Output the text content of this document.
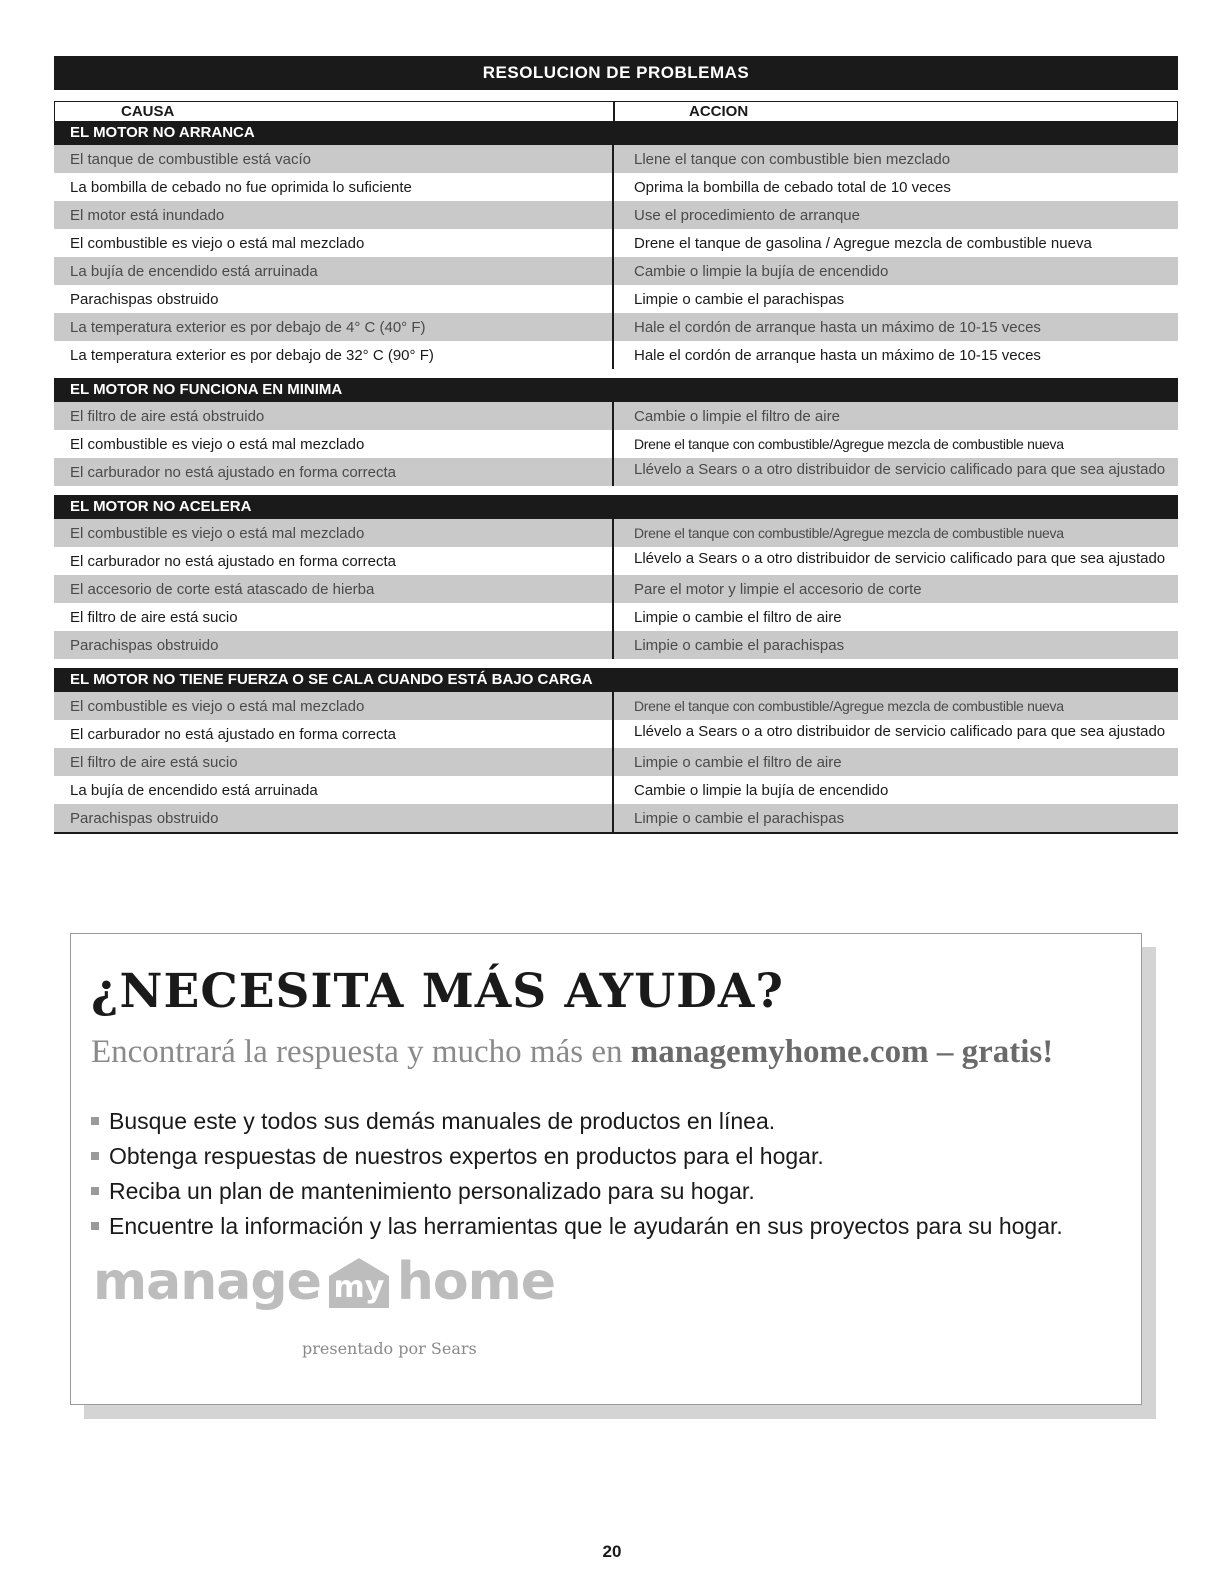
RESOLUCION DE PROBLEMAS
CAUSA	ACCION
EL MOTOR NO ARRANCA
El tanque de combustible está vacío	Llene el tanque con combustible bien mezclado
La bombilla de cebado no fue oprimida lo suficiente	Oprima la bombilla de cebado total de 10 veces
El motor está inundado	Use el procedimiento de arranque
El combustible es viejo o está mal mezclado	Drene el tanque de gasolina / Agregue mezcla de combustible nueva
La bujía de encendido está arruinada	Cambie o limpie la bujía de encendido
Parachispas obstruido	Limpie o cambie el parachispas
La temperatura exterior es por debajo de 4° C (40° F)	Hale el cordón de arranque hasta un máximo de 10-15 veces
La temperatura exterior es por debajo de 32° C (90° F)	Hale el cordón de arranque hasta un máximo de 10-15 veces
EL MOTOR NO FUNCIONA EN MINIMA
El filtro de aire está obstruido	Cambie o limpie el filtro de aire
El combustible es viejo o está mal mezclado	Drene el tanque con combustible/Agregue mezcla de combustible nueva
El carburador no está ajustado en forma correcta	Llévelo a Sears o a otro distribuidor de servicio calificado para que sea ajustado
EL MOTOR NO ACELERA
El combustible es viejo o está mal mezclado	Drene el tanque con combustible/Agregue mezcla de combustible nueva
El carburador no está ajustado en forma correcta	Llévelo a Sears o a otro distribuidor de servicio calificado para que sea ajustado
El accesorio de corte está atascado de hierba	Pare el motor y limpie el accesorio de corte
El filtro de aire está sucio	Limpie o cambie el filtro de aire
Parachispas obstruido	Limpie o cambie el parachispas
EL MOTOR NO TIENE FUERZA O SE CALA CUANDO ESTÁ BAJO CARGA
El combustible es viejo o está mal mezclado	Drene el tanque con combustible/Agregue mezcla de combustible nueva
El carburador no está ajustado en forma correcta	Llévelo a Sears o a otro distribuidor de servicio calificado para que sea ajustado
El filtro de aire está sucio	Limpie o cambie el filtro de aire
La bujía de encendido está arruinada	Cambie o limpie la bujía de encendido
Parachispas obstruido	Limpie o cambie el parachispas
¿NECESITA MÁS AYUDA?
Encontrará la respuesta y mucho más en managemyhome.com – gratis!
Busque este y todos sus demás manuales de productos en línea.
Obtenga respuestas de nuestros expertos en productos para el hogar.
Reciba un plan de mantenimiento personalizado para su hogar.
Encuentre la información y las herramientas que le ayudarán en sus proyectos para su hogar.
manage my home
presentado por Sears
20
